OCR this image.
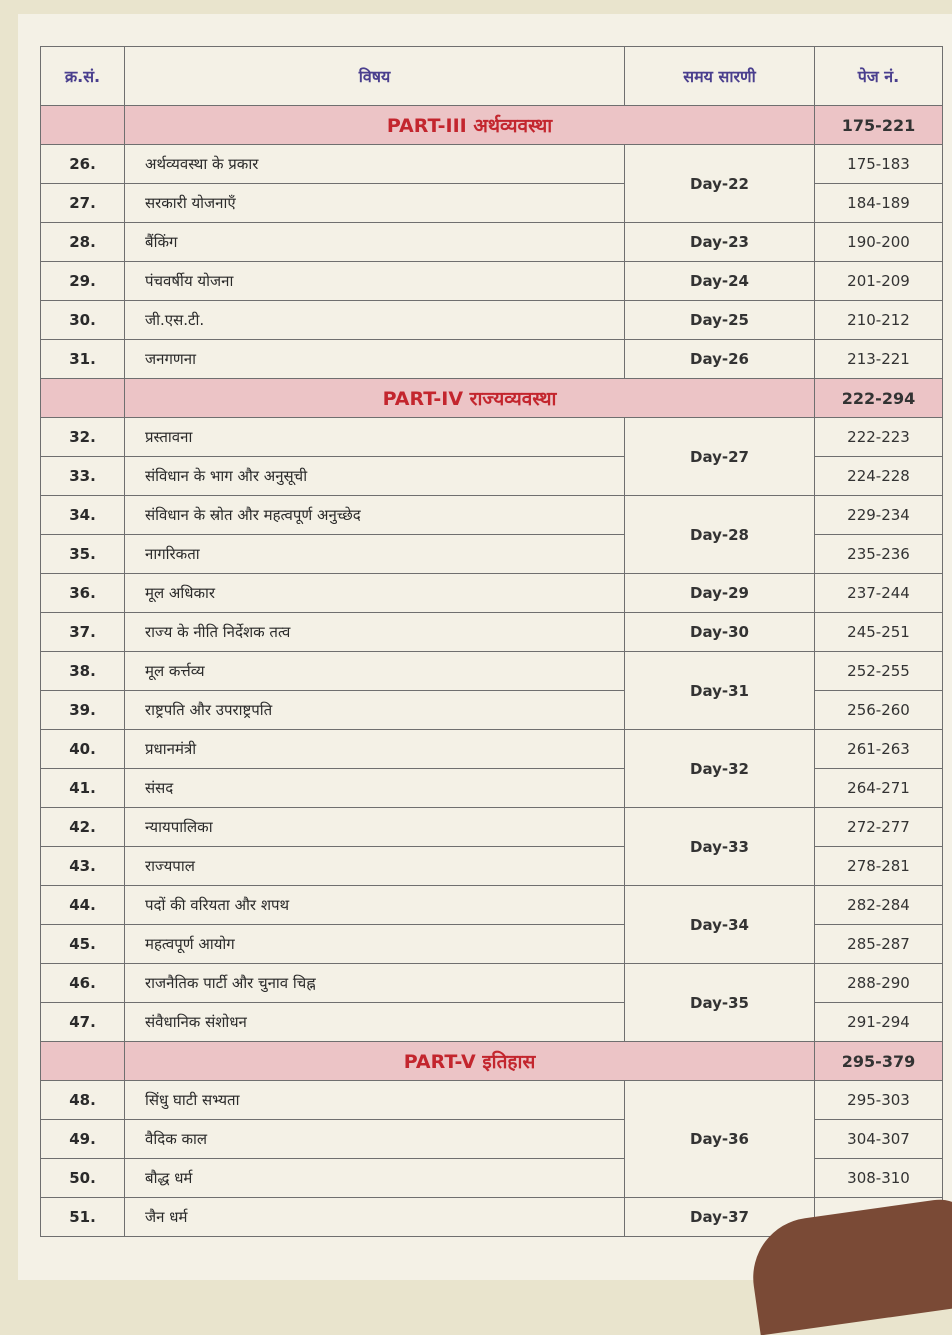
क्र.सं.	विषय	समय सारणी	पेज नं.

	PART-III अर्थव्यवस्था		175-221

26.	अर्थव्यवस्था के प्रकार	Day-22	175-183
27.	सरकारी योजनाएँ		184-189
28.	बैंकिंग	Day-23	190-200
29.	पंचवर्षीय योजना	Day-24	201-209
30.	जी.एस.टी.	Day-25	210-212
31.	जनगणना	Day-26	213-221

	PART-IV राज्यव्यवस्था		222-294

32.	प्रस्तावना	Day-27	222-223
33.	संविधान के भाग और अनुसूची		224-228
34.	संविधान के स्रोत और महत्वपूर्ण अनुच्छेद	Day-28	229-234
35.	नागरिकता		235-236
36.	मूल अधिकार	Day-29	237-244
37.	राज्य के नीति निर्देशक तत्व	Day-30	245-251
38.	मूल कर्त्तव्य	Day-31	252-255
39.	राष्ट्रपति और उपराष्ट्रपति		256-260
40.	प्रधानमंत्री	Day-32	261-263
41.	संसद		264-271
42.	न्यायपालिका	Day-33	272-277
43.	राज्यपाल		278-281
44.	पदों की वरियता और शपथ	Day-34	282-284
45.	महत्वपूर्ण आयोग		285-287
46.	राजनैतिक पार्टी और चुनाव चिह्न	Day-35	288-290
47.	संवैधानिक संशोधन		291-294

	PART-V इतिहास		295-379

48.	सिंधु घाटी सभ्यता	Day-36	295-303
49.	वैदिक काल		304-307
50.	बौद्ध धर्म		308-310
51.	जैन धर्म	Day-37	
